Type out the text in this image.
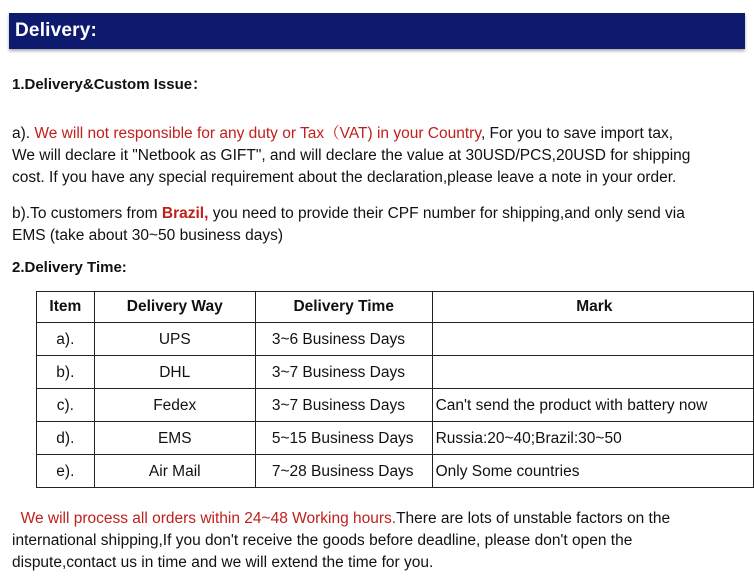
Delivery:
1.Delivery&Custom Issue：
a). We will not responsible for any duty or Tax（VAT) in your Country, For you to save import tax,
We will declare it "Netbook as GIFT", and will declare the value at 30USD/PCS,20USD for shipping
cost. If you have any special requirement about the declaration,please leave a note in your order.
b).To customers from Brazil, you need to provide their CPF number for shipping,and only send via
EMS (take about 30~50 business days)
2.Delivery Time:
Item	Delivery Way	Delivery Time	Mark
a).	UPS	3~6 Business Days	
b).	DHL	3~7 Business Days	
c).	Fedex	3~7 Business Days	Can't send the product with battery now
d).	EMS	5~15 Business Days	Russia:20~40;Brazil:30~50
e).	Air Mail	7~28 Business Days	Only Some countries
We will process all orders within 24~48 Working hours.There are lots of unstable factors on the
international shipping,If you don't receive the goods before deadline, please don't open the
dispute,contact us in time and we will extend the time for you.
